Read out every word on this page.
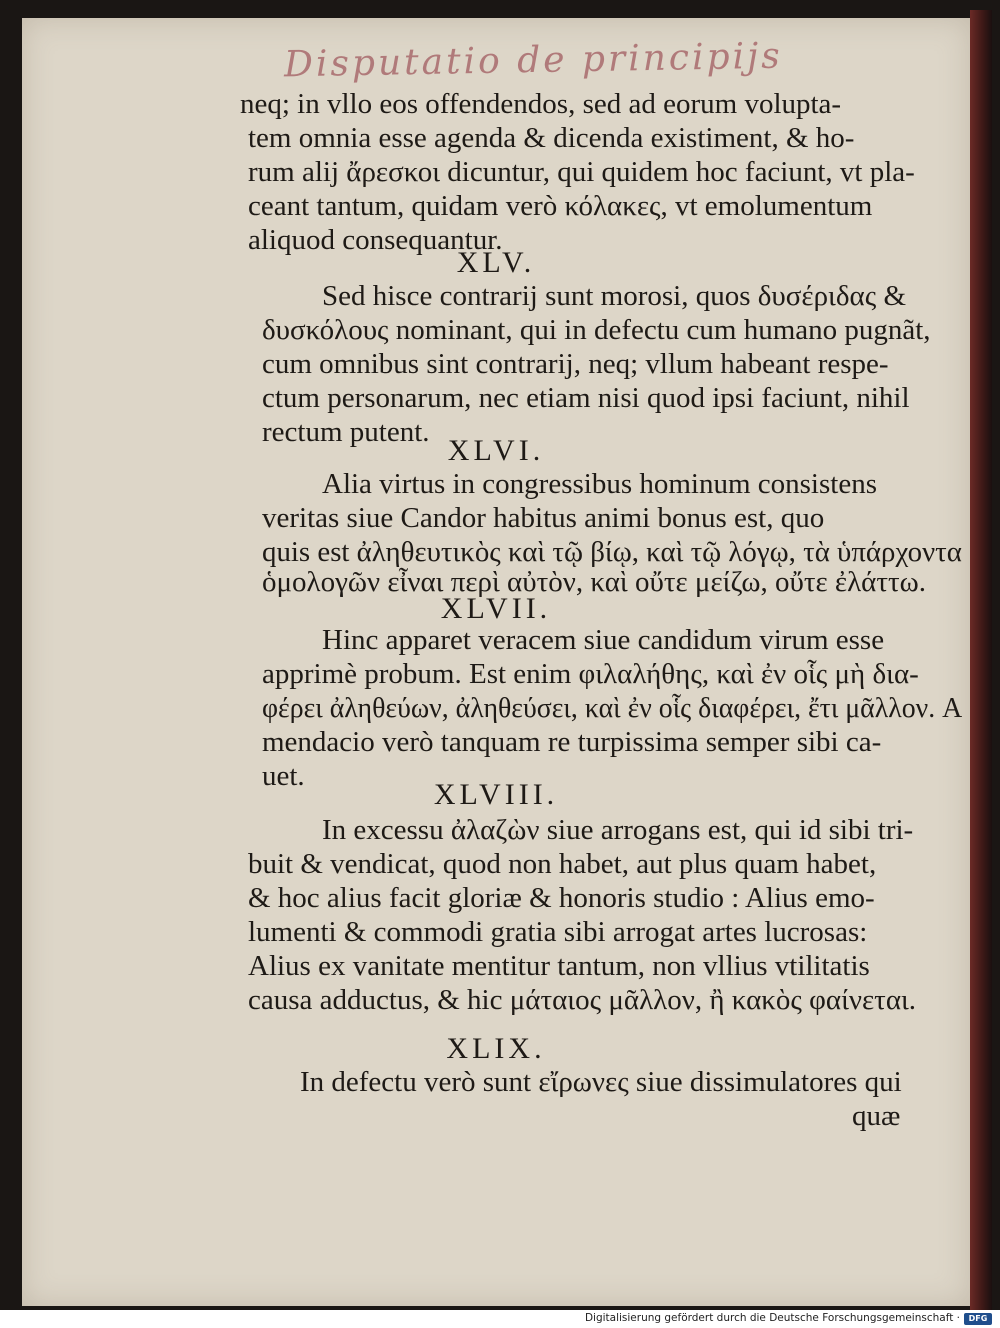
Disputatio de principijs
neq; in vllo eos offendendos, sed ad eorum volupta-
tem omnia esse agenda & dicenda existiment, & ho-
rum alij ἄρεσκοι dicuntur, qui quidem hoc faciunt, vt pla-
ceant tantum, quidam verò κόλακες, vt emolumentum
aliquod consequantur.
Sed hisce contrarij sunt morosi, quos δυσέριδας &
δυσκόλους nominant, qui in defectu cum humano pugnãt,
cum omnibus sint contrarij, neq; vllum habeant respe-
ctum personarum, nec etiam nisi quod ipsi faciunt, nihil
rectum putent.
Alia virtus in congressibus hominum consistens
veritas siue Candor habitus animi bonus est, quo
quis est ἀληθευτικὸς καὶ τῷ βίῳ, καὶ τῷ λόγῳ, τὰ ὑπάρχοντα
ὁμολογῶν εἶναι περὶ αὐτὸν, καὶ οὔτε μείζω, οὔτε ἐλάττω.
Hinc apparet veracem siue candidum virum esse
apprimè probum. Est enim φιλαλήθης, καὶ ἐν οἷς μὴ δια-
φέρει ἀληθεύων, ἀληθεύσει, καὶ ἐν οἷς διαφέρει, ἔτι μᾶλλον. A
mendacio verò tanquam re turpissima semper sibi ca-
uet.
In excessu ἀλαζὼν siue arrogans est, qui id sibi tri-
buit & vendicat, quod non habet, aut plus quam habet,
& hoc alius facit gloriæ & honoris studio : Alius emo-
lumenti & commodi gratia sibi arrogat artes lucrosas:
Alius ex vanitate mentitur tantum, non vllius vtilitatis
causa adductus, & hic μάταιος μᾶλλον, ἢ κακὸς φαίνεται.
In defectu verò sunt εἴρωνες siue dissimulatores qui
quæ
XLV.
XLVI.
XLVII.
XLVIII.
XLIX.
Digitalisierung gefördert durch die Deutsche Forschungsgemeinschaft ·	DFG
